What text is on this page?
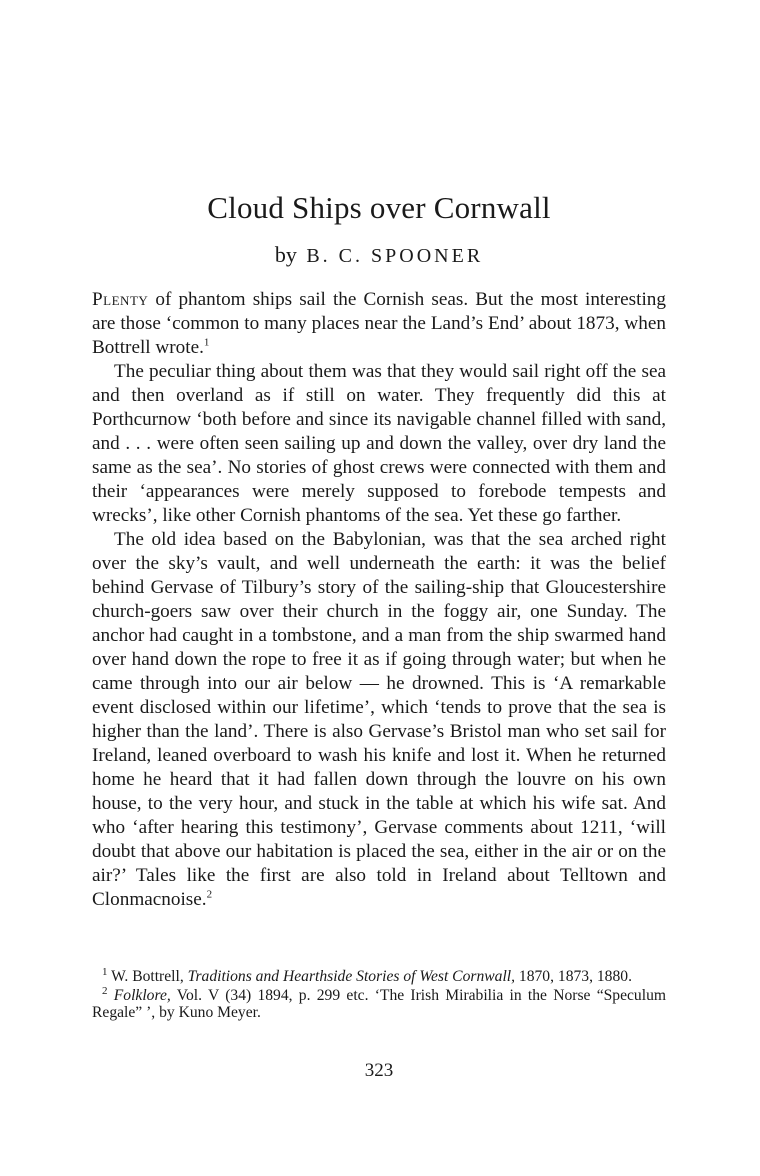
Cloud Ships over Cornwall
by B. C. SPOONER

Plenty of phantom ships sail the Cornish seas. But the most interesting are those ‘common to many places near the Land’s End’ about 1873, when Bottrell wrote.$^1$

The peculiar thing about them was that they would sail right off the sea and then overland as if still on water. They frequently did this at Porthcurnow ‘both before and since its navigable channel filled with sand, and . . . were often seen sailing up and down the valley, over dry land the same as the sea’. No stories of ghost crews were connected with them and their ‘appearances were merely supposed to forebode tempests and wrecks’, like other Cornish phantoms of the sea. Yet these go farther.

The old idea based on the Babylonian, was that the sea arched right over the sky’s vault, and well underneath the earth: it was the belief behind Gervase of Tilbury’s story of the sailing-ship that Gloucestershire church-goers saw over their church in the foggy air, one Sunday. The anchor had caught in a tombstone, and a man from the ship swarmed hand over hand down the rope to free it as if going through water; but when he came through into our air below — he drowned. This is ‘A remarkable event disclosed within our lifetime’, which ‘tends to prove that the sea is higher than the land’. There is also Gervase’s Bristol man who set sail for Ireland, leaned overboard to wash his knife and lost it. When he returned home he heard that it had fallen down through the louvre on his own house, to the very hour, and stuck in the table at which his wife sat. And who ‘after hearing this testimony’, Gervase comments about 1211, ‘will doubt that above our habitation is placed the sea, either in the air or on the air?’ Tales like the first are also told in Ireland about Telltown and Clonmacnoise.$^2$

$^1$ W. Bottrell, Traditions and Hearthside Stories of West Cornwall, 1870, 1873, 1880.

$^2$ Folklore, Vol. V (34) 1894, p. 299 etc. ‘The Irish Mirabilia in the Norse “Speculum Regale” ’, by Kuno Meyer.

323
